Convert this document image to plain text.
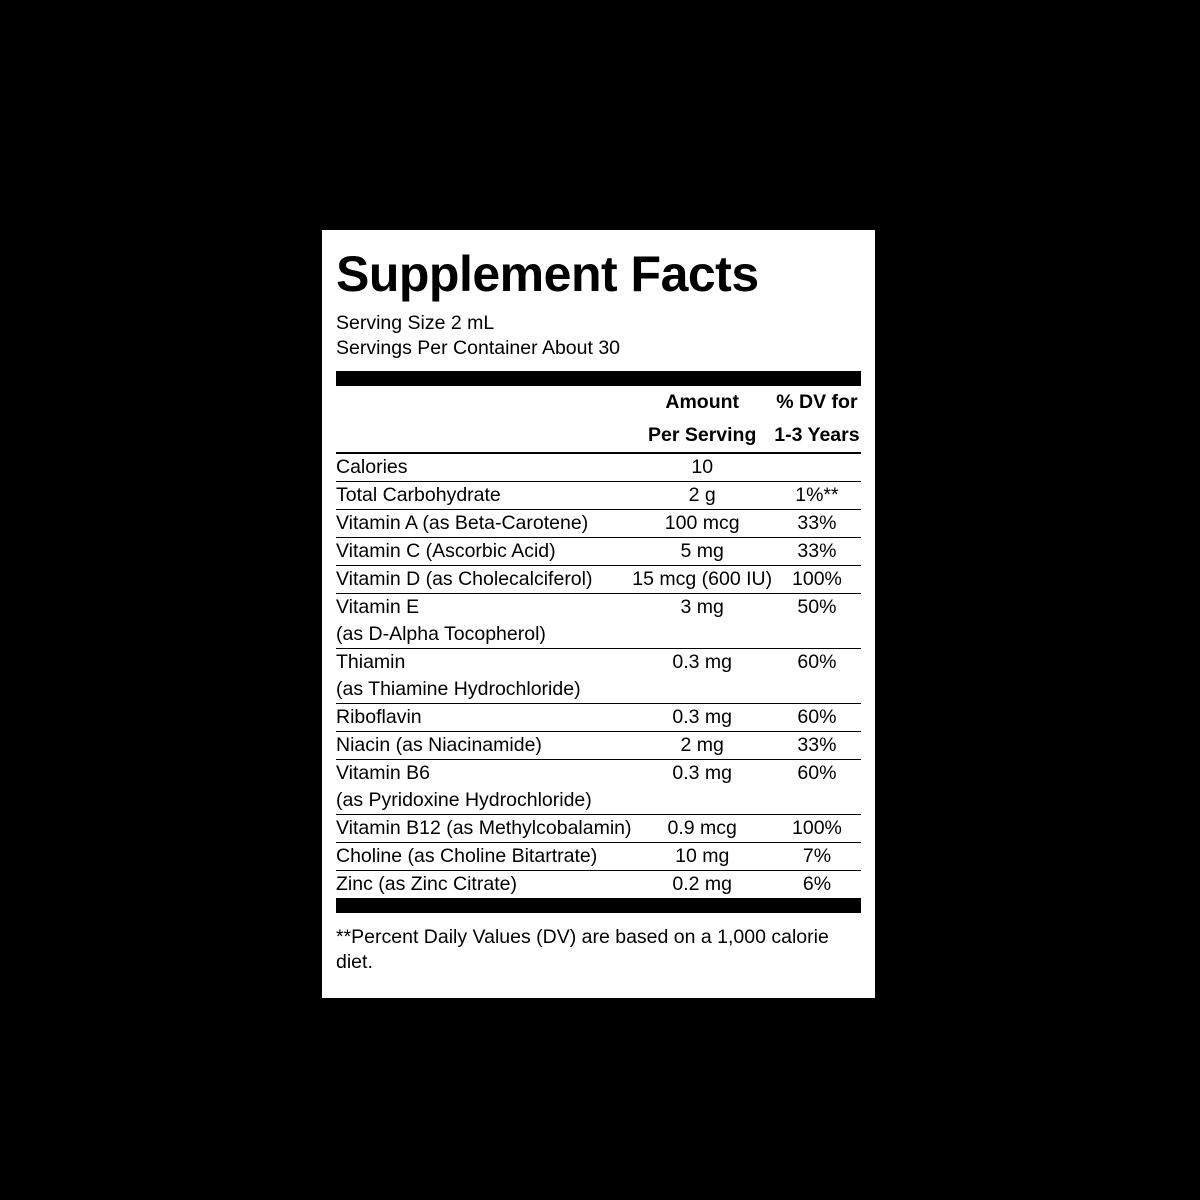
Supplement Facts
Serving Size 2 mL
Servings Per Container About 30
	Amount	% DV for
	Per Serving	1-3 Years
Calories	10	
Total Carbohydrate	2 g	1%**
Vitamin A (as Beta-Carotene)	100 mcg	33%
Vitamin C (Ascorbic Acid)	5 mg	33%
Vitamin D (as Cholecalciferol)	15 mcg (600 IU)	100%
Vitamin E	3 mg	50%
(as D-Alpha Tocopherol)		
Thiamin	0.3 mg	60%
(as Thiamine Hydrochloride)		
Riboflavin	0.3 mg	60%
Niacin (as Niacinamide)	2 mg	33%
Vitamin B6	0.3 mg	60%
(as Pyridoxine Hydrochloride)		
Vitamin B12 (as Methylcobalamin)	0.9 mcg	100%
Choline (as Choline Bitartrate)	10 mg	7%
Zinc (as Zinc Citrate)	0.2 mg	6%
**Percent Daily Values (DV) are based on a 1,000 calorie diet.
